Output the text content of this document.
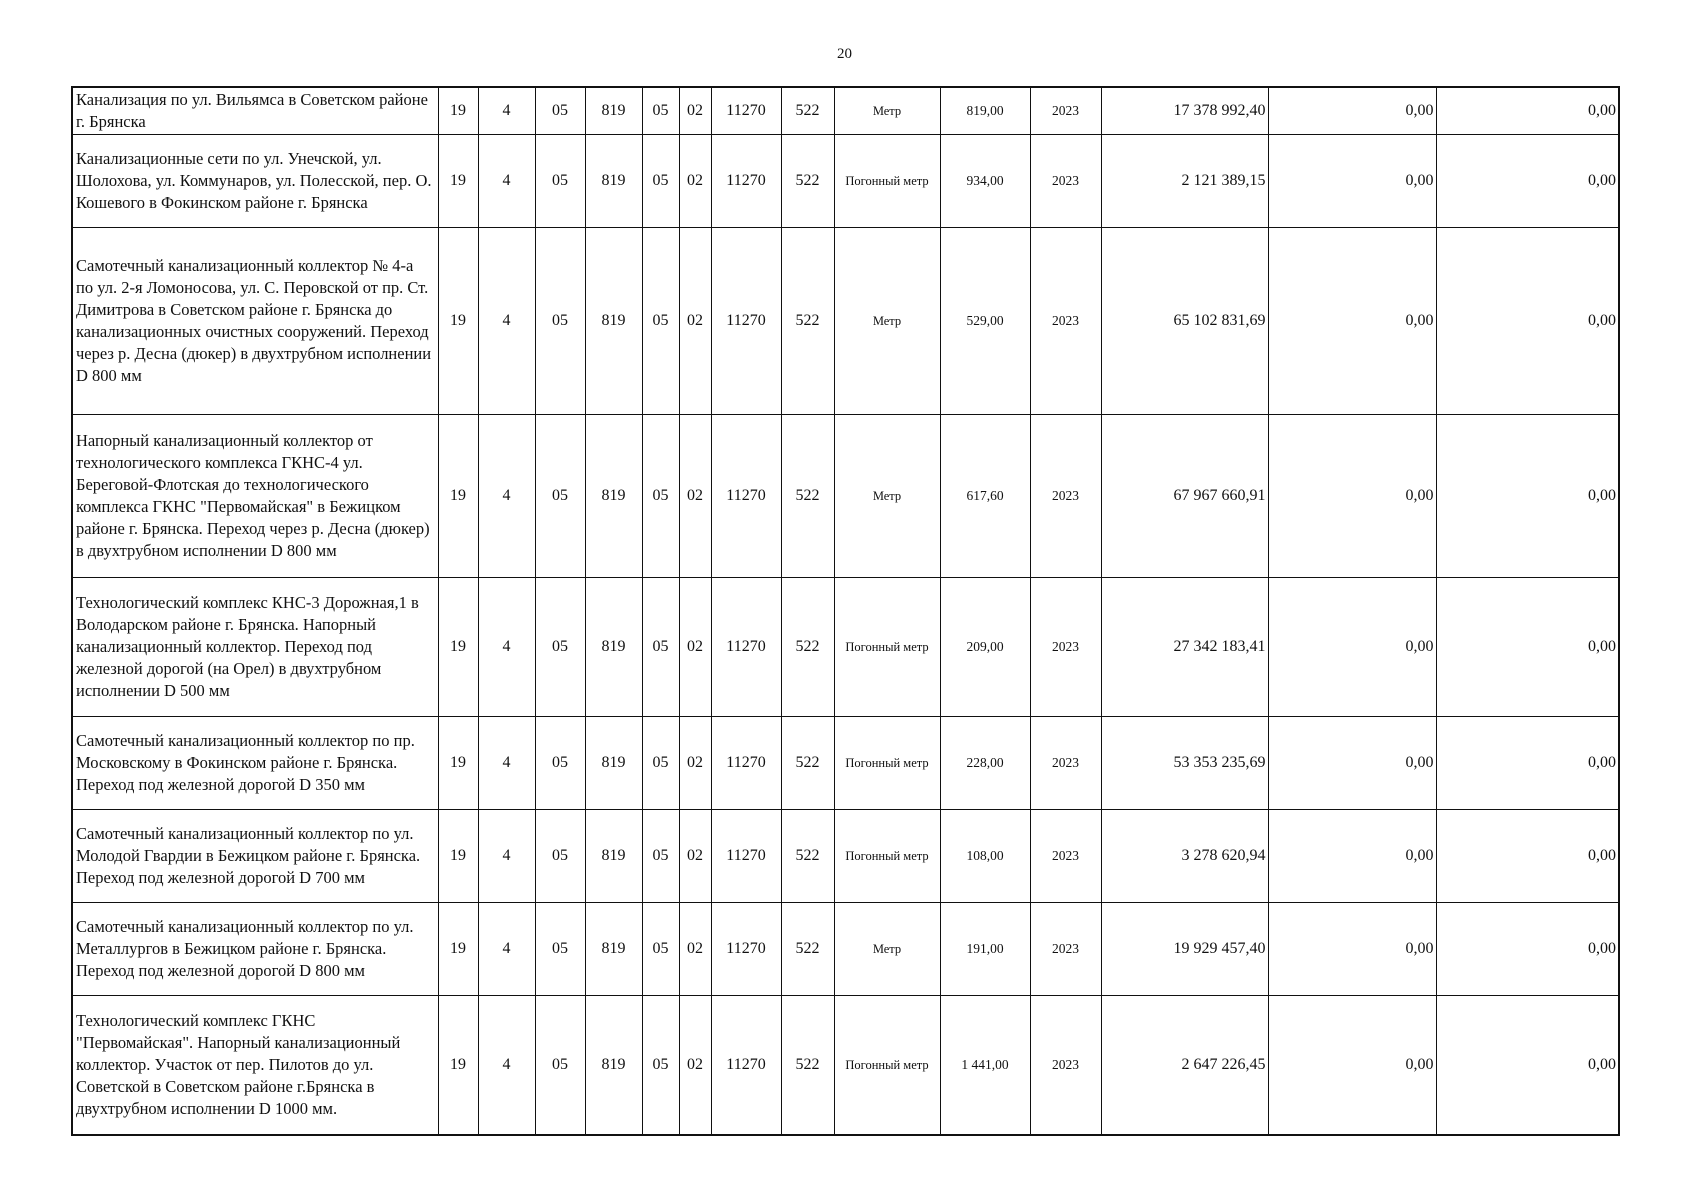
20
Канализация по ул. Вильямса в Советском районе г. Брянска	19	4	05	819	05	02	11270	522	Метр	819,00	2023	17 378 992,40	0,00	0,00
Канализационные сети по ул. Унечской, ул. Шолохова, ул. Коммунаров, ул. Полесской, пер. О. Кошевого в Фокинском районе г. Брянска	19	4	05	819	05	02	11270	522	Погонный метр	934,00	2023	2 121 389,15	0,00	0,00
Самотечный канализационный коллектор № 4-а по ул. 2-я Ломоносова, ул. С. Перовской от пр. Ст. Димитрова в Советском районе г. Брянска до канализационных очистных сооружений. Переход через р. Десна (дюкер) в двухтрубном исполнении D 800 мм	19	4	05	819	05	02	11270	522	Метр	529,00	2023	65 102 831,69	0,00	0,00
Напорный канализационный коллектор от технологического комплекса ГКНС-4 ул. Береговой-Флотская до технологического комплекса ГКНС "Первомайская" в Бежицком районе г. Брянска. Переход через р. Десна (дюкер) в двухтрубном исполнении D 800 мм	19	4	05	819	05	02	11270	522	Метр	617,60	2023	67 967 660,91	0,00	0,00
Технологический комплекс КНС-3 Дорожная,1 в Володарском районе г. Брянска. Напорный канализационный коллектор. Переход под железной дорогой (на Орел) в двухтрубном исполнении D 500 мм	19	4	05	819	05	02	11270	522	Погонный метр	209,00	2023	27 342 183,41	0,00	0,00
Самотечный канализационный коллектор по пр. Московскому в Фокинском районе г. Брянска. Переход под железной дорогой D 350 мм	19	4	05	819	05	02	11270	522	Погонный метр	228,00	2023	53 353 235,69	0,00	0,00
Самотечный канализационный коллектор по ул. Молодой Гвардии в Бежицком районе г. Брянска. Переход под железной дорогой D 700 мм	19	4	05	819	05	02	11270	522	Погонный метр	108,00	2023	3 278 620,94	0,00	0,00
Самотечный канализационный коллектор по ул. Металлургов в Бежицком районе г. Брянска. Переход под железной дорогой D 800 мм	19	4	05	819	05	02	11270	522	Метр	191,00	2023	19 929 457,40	0,00	0,00
Технологический комплекс ГКНС "Первомайская". Напорный канализационный коллектор. Участок от пер. Пилотов до ул. Советской в Советском районе г.Брянска в двухтрубном исполнении D 1000 мм.	19	4	05	819	05	02	11270	522	Погонный метр	1 441,00	2023	2 647 226,45	0,00	0,00
